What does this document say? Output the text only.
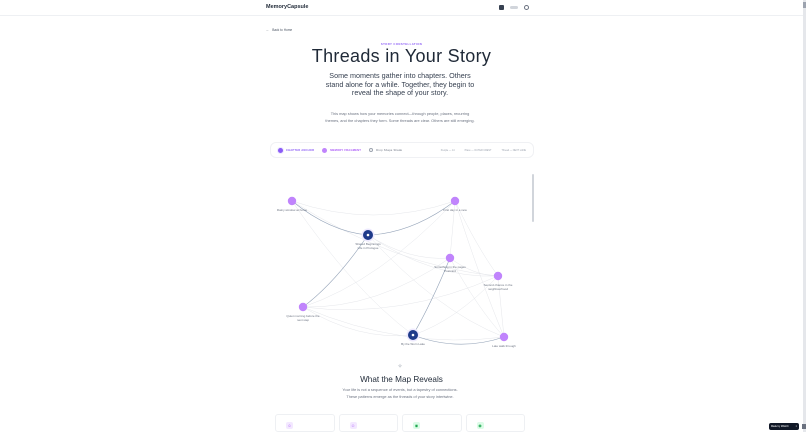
MemoryCapsule
← Back to Home
STORY CONSTELLATION
Threads in Your Story

Some moments gather into chapters. Others stand alone for a while. Together, they begin to reveal the shape of your story.

This map shows how your memories connect—through people, places, recurring themes, and the chapters they form. Some threads are clear. Others are still emerging.

CHAPTER ANCHOR	MEMORY FRAGMENT	Drop Shape Shade	People — 14	Place — OUTER CREST	Thread — NEXT LANE
Rainy window at home	First day in a new
Shared Beginnings
Life in Prologue
Something in the pages
Postcard
Second chance in the
neighbourhood
Quiet morning before the
next step
By the Worn Lake	Late walk through
✧
What the Map Reveals

Your life is not a sequence of events, but a tapestry of connections. These patterns emerge as the threads of your story intertwine.

☺	☺	◉	◉	Made by MAGIC	×
